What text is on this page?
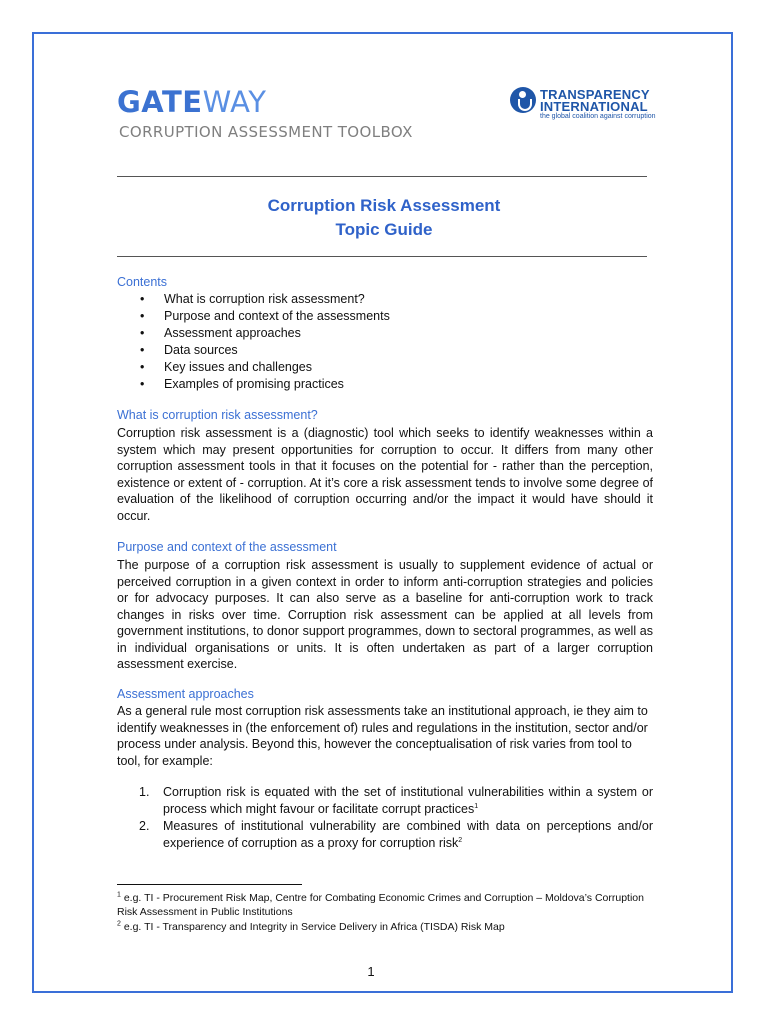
GATEWAY
CORRUPTION ASSESSMENT TOOLBOX
TRANSPARENCY
INTERNATIONAL
the global coalition against corruption
Corruption Risk Assessment
Topic Guide
Contents
• What is corruption risk assessment?
• Purpose and context of the assessments
• Assessment approaches
• Data sources
• Key issues and challenges
• Examples of promising practices
What is corruption risk assessment?

Corruption risk assessment is a (diagnostic) tool which seeks to identify weaknesses within a system which may present opportunities for corruption to occur. It differs from many other corruption assessment tools in that it focuses on the potential for - rather than the perception, existence or extent of - corruption. At it’s core a risk assessment tends to involve some degree of evaluation of the likelihood of corruption occurring and/or the impact it would have should it occur.

Purpose and context of the assessment

The purpose of a corruption risk assessment is usually to supplement evidence of actual or perceived corruption in a given context in order to inform anti-corruption strategies and policies or for advocacy purposes. It can also serve as a baseline for anti-corruption work to track changes in risks over time. Corruption risk assessment can be applied at all levels from government institutions, to donor support programmes, down to sectoral programmes, as well as in individual organisations or units. It is often undertaken as part of a larger corruption assessment exercise.

Assessment approaches

As a general rule most corruption risk assessments take an institutional approach, ie they aim to identify weaknesses in (the enforcement of) rules and regulations in the institution, sector and/or process under analysis. Beyond this, however the conceptualisation of risk varies from tool to tool, for example:

1. Corruption risk is equated with the set of institutional vulnerabilities within a system or process which might favour or facilitate corrupt practices$^1$
2. Measures of institutional vulnerability are combined with data on perceptions and/or experience of corruption as a proxy for corruption risk$^2$
$^1$ e.g. TI - Procurement Risk Map, Centre for Combating Economic Crimes and Corruption – Moldova’s Corruption Risk Assessment in Public Institutions
$^2$ e.g. TI - Transparency and Integrity in Service Delivery in Africa (TISDA) Risk Map
1
